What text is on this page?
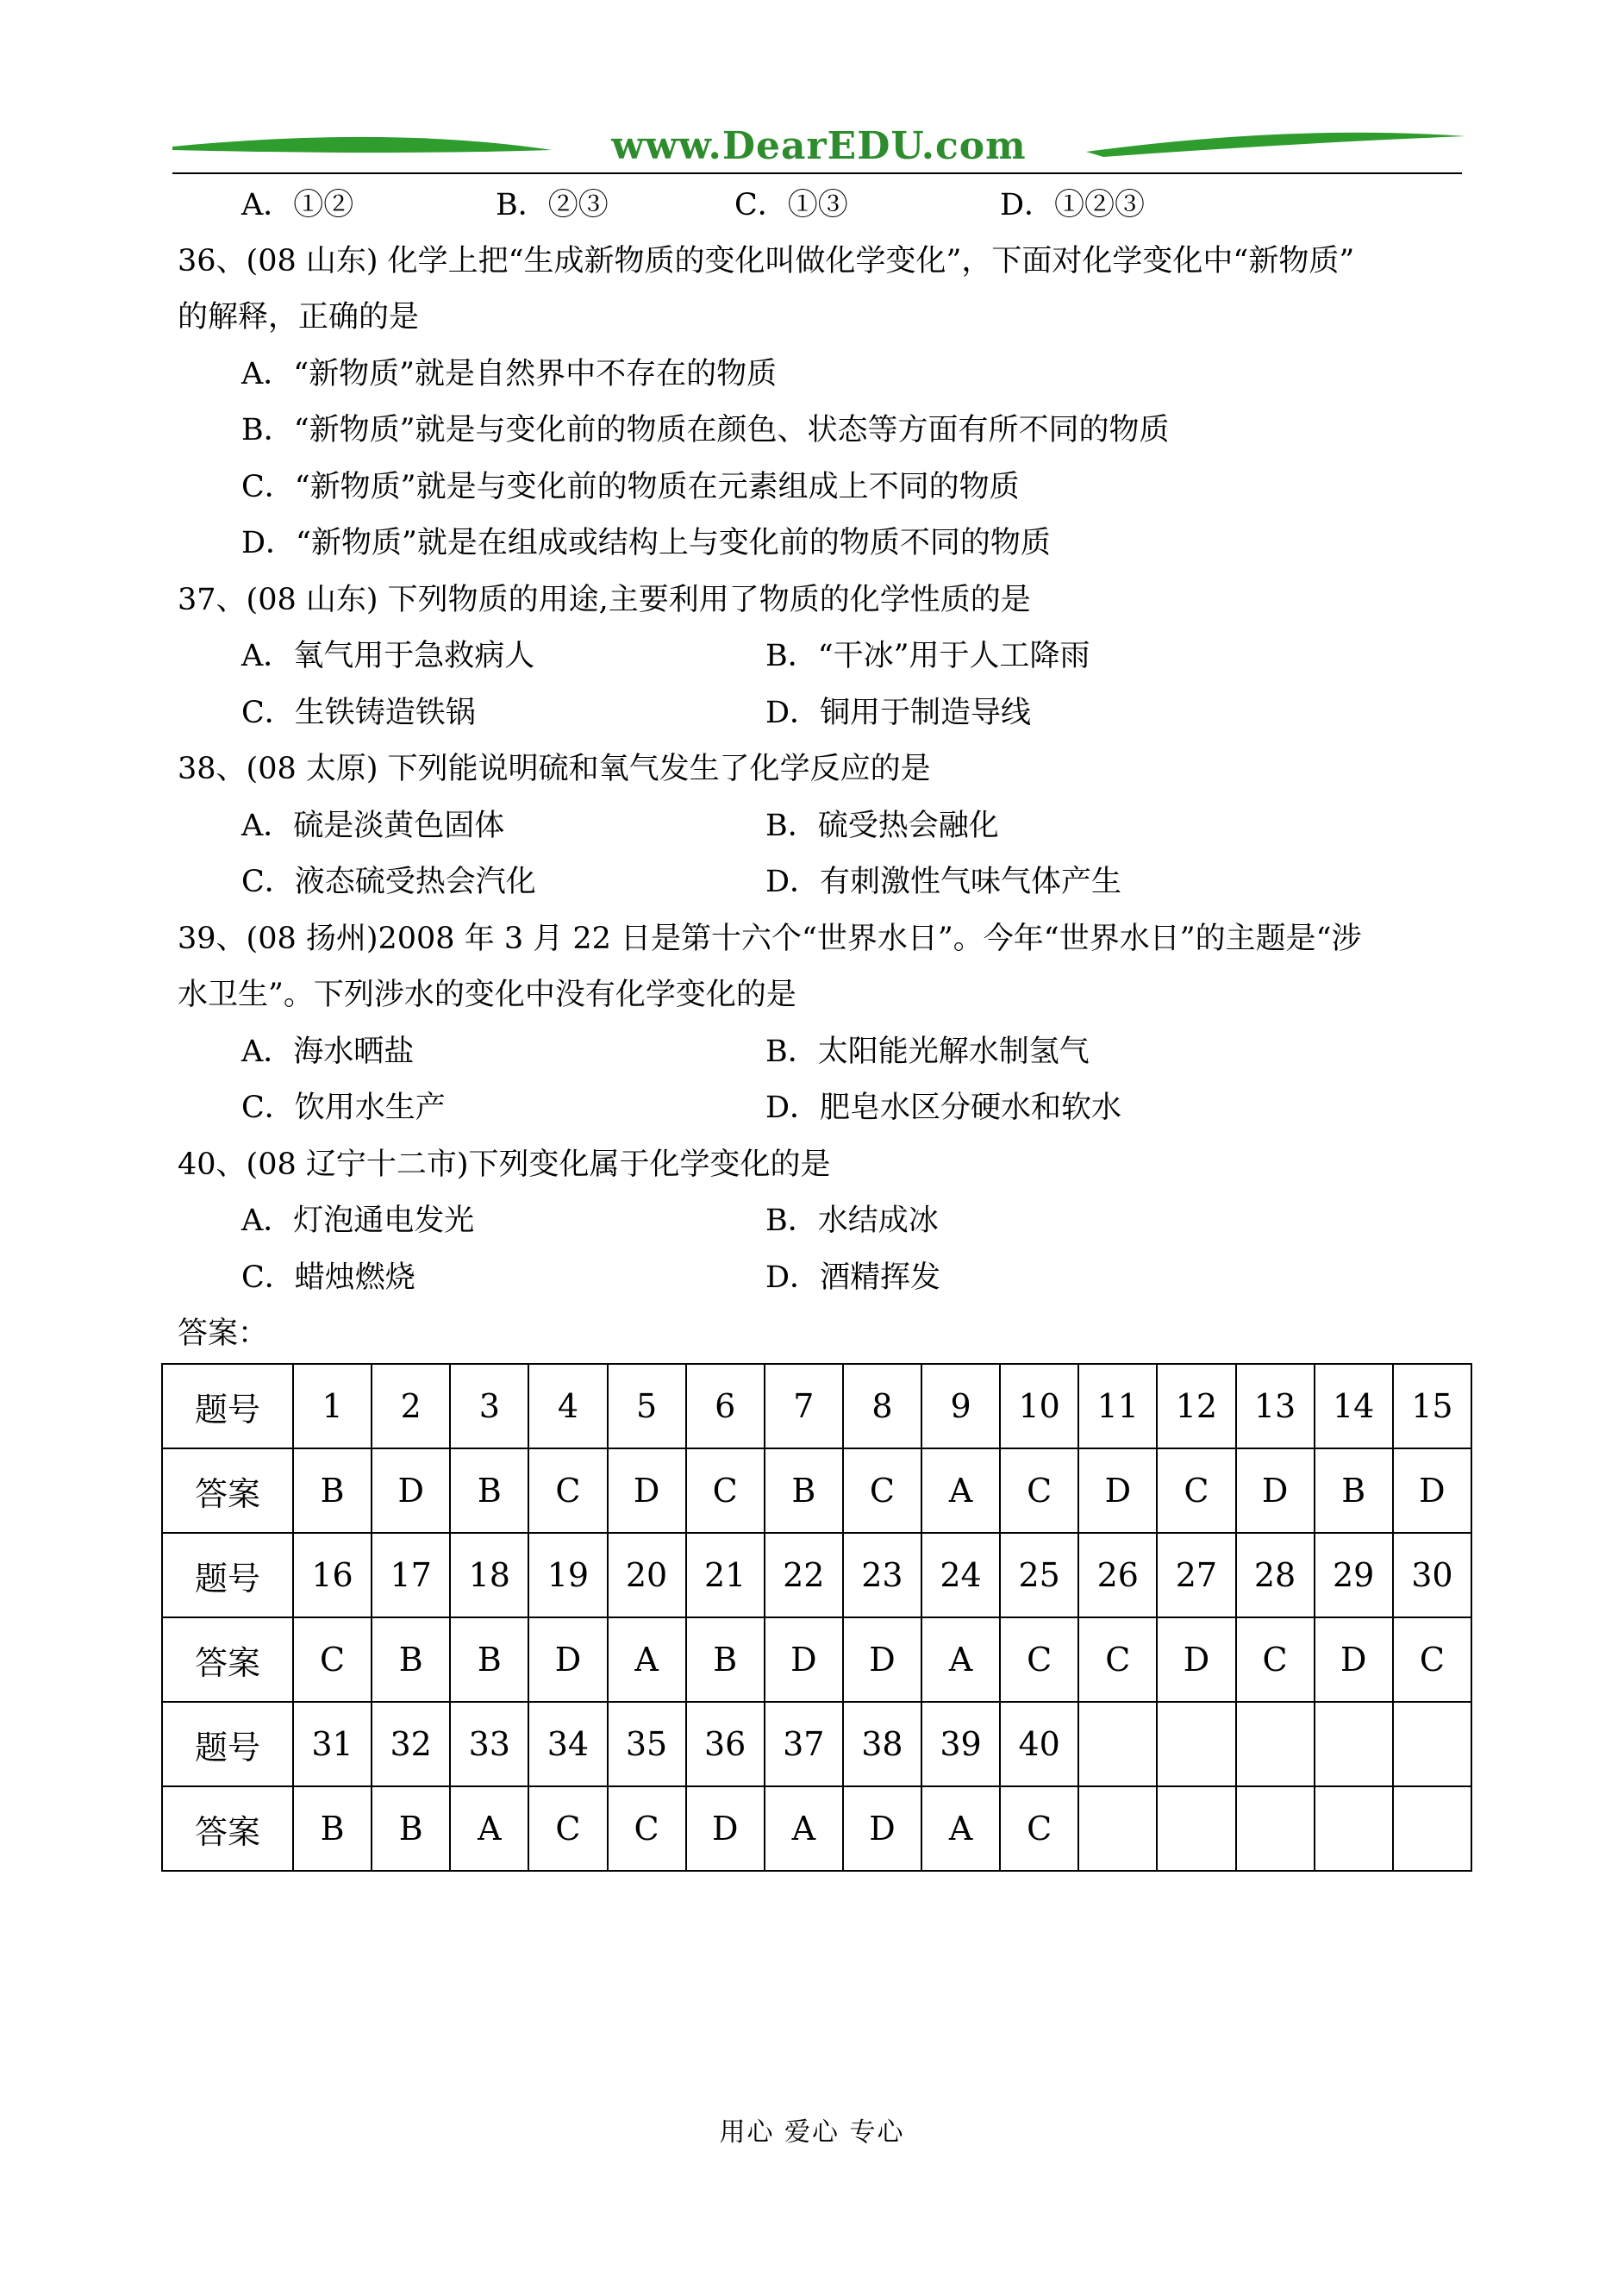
www.DearEDU.com
A．①②	B．②③	C．①③	D．①②③
36、(08 山东) 化学上把“生成新物质的变化叫做化学变化”，下面对化学变化中“新物质”
的解释，正确的是
A．“新物质”就是自然界中不存在的物质
B．“新物质”就是与变化前的物质在颜色、状态等方面有所不同的物质
C．“新物质”就是与变化前的物质在元素组成上不同的物质
D．“新物质”就是在组成或结构上与变化前的物质不同的物质
37、(08 山东) 下列物质的用途,主要利用了物质的化学性质的是
A．氧气用于急救病人	B．“干冰”用于人工降雨
C．生铁铸造铁锅	D．铜用于制造导线
38、(08 太原) 下列能说明硫和氧气发生了化学反应的是
A．硫是淡黄色固体	B．硫受热会融化
C．液态硫受热会汽化	D．有刺激性气味气体产生
39、(08 扬州)2008 年 3 月 22 日是第十六个“世界水日”。今年“世界水日”的主题是“涉
水卫生”。下列涉水的变化中没有化学变化的是
A．海水晒盐	B．太阳能光解水制氢气
C．饮用水生产	D．肥皂水区分硬水和软水
40、(08 辽宁十二市)下列变化属于化学变化的是
A．灯泡通电发光	B．水结成冰
C．蜡烛燃烧	D．酒精挥发
答案：
题号	1	2	3	4	5	6	7	8	9	10	11	12	13	14	15
答案	B	D	B	C	D	C	B	C	A	C	D	C	D	B	D
题号	16	17	18	19	20	21	22	23	24	25	26	27	28	29	30
答案	C	B	B	D	A	B	D	D	A	C	C	D	C	D	C
题号	31	32	33	34	35	36	37	38	39	40					
答案	B	B	A	C	C	D	A	D	A	C					
用心 爱心 专心
